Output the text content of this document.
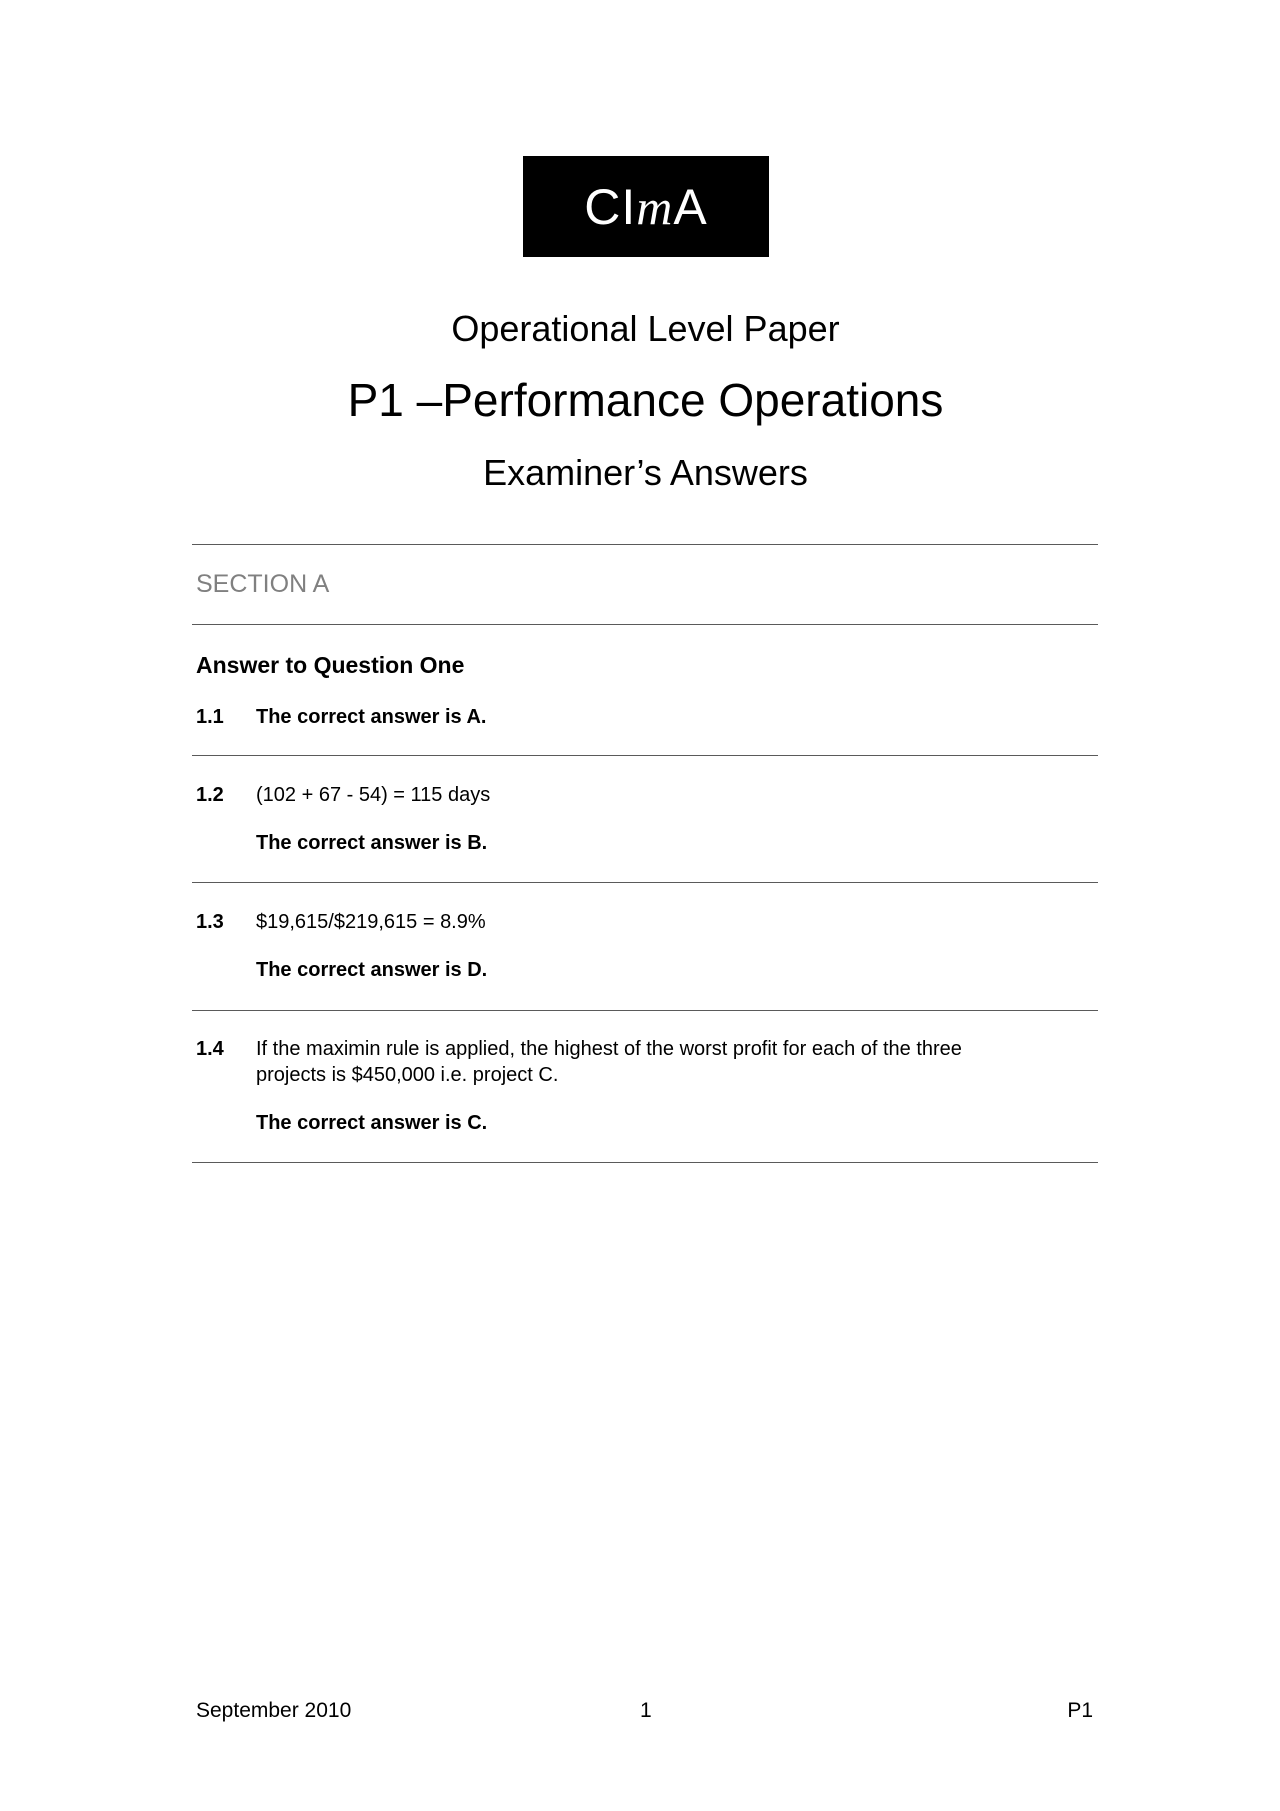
CImA
Operational Level Paper
P1 –Performance Operations
Examiner’s Answers
SECTION A
Answer to Question One
1.1 The correct answer is A.
1.2 (102 + 67 - 54) = 115 days
The correct answer is B.
1.3 $19,615/$219,615 = 8.9%
The correct answer is D.
1.4 If the maximin rule is applied, the highest of the worst profit for each of the three
projects is $450,000 i.e. project C.
The correct answer is C.
September 2010	1	P1
